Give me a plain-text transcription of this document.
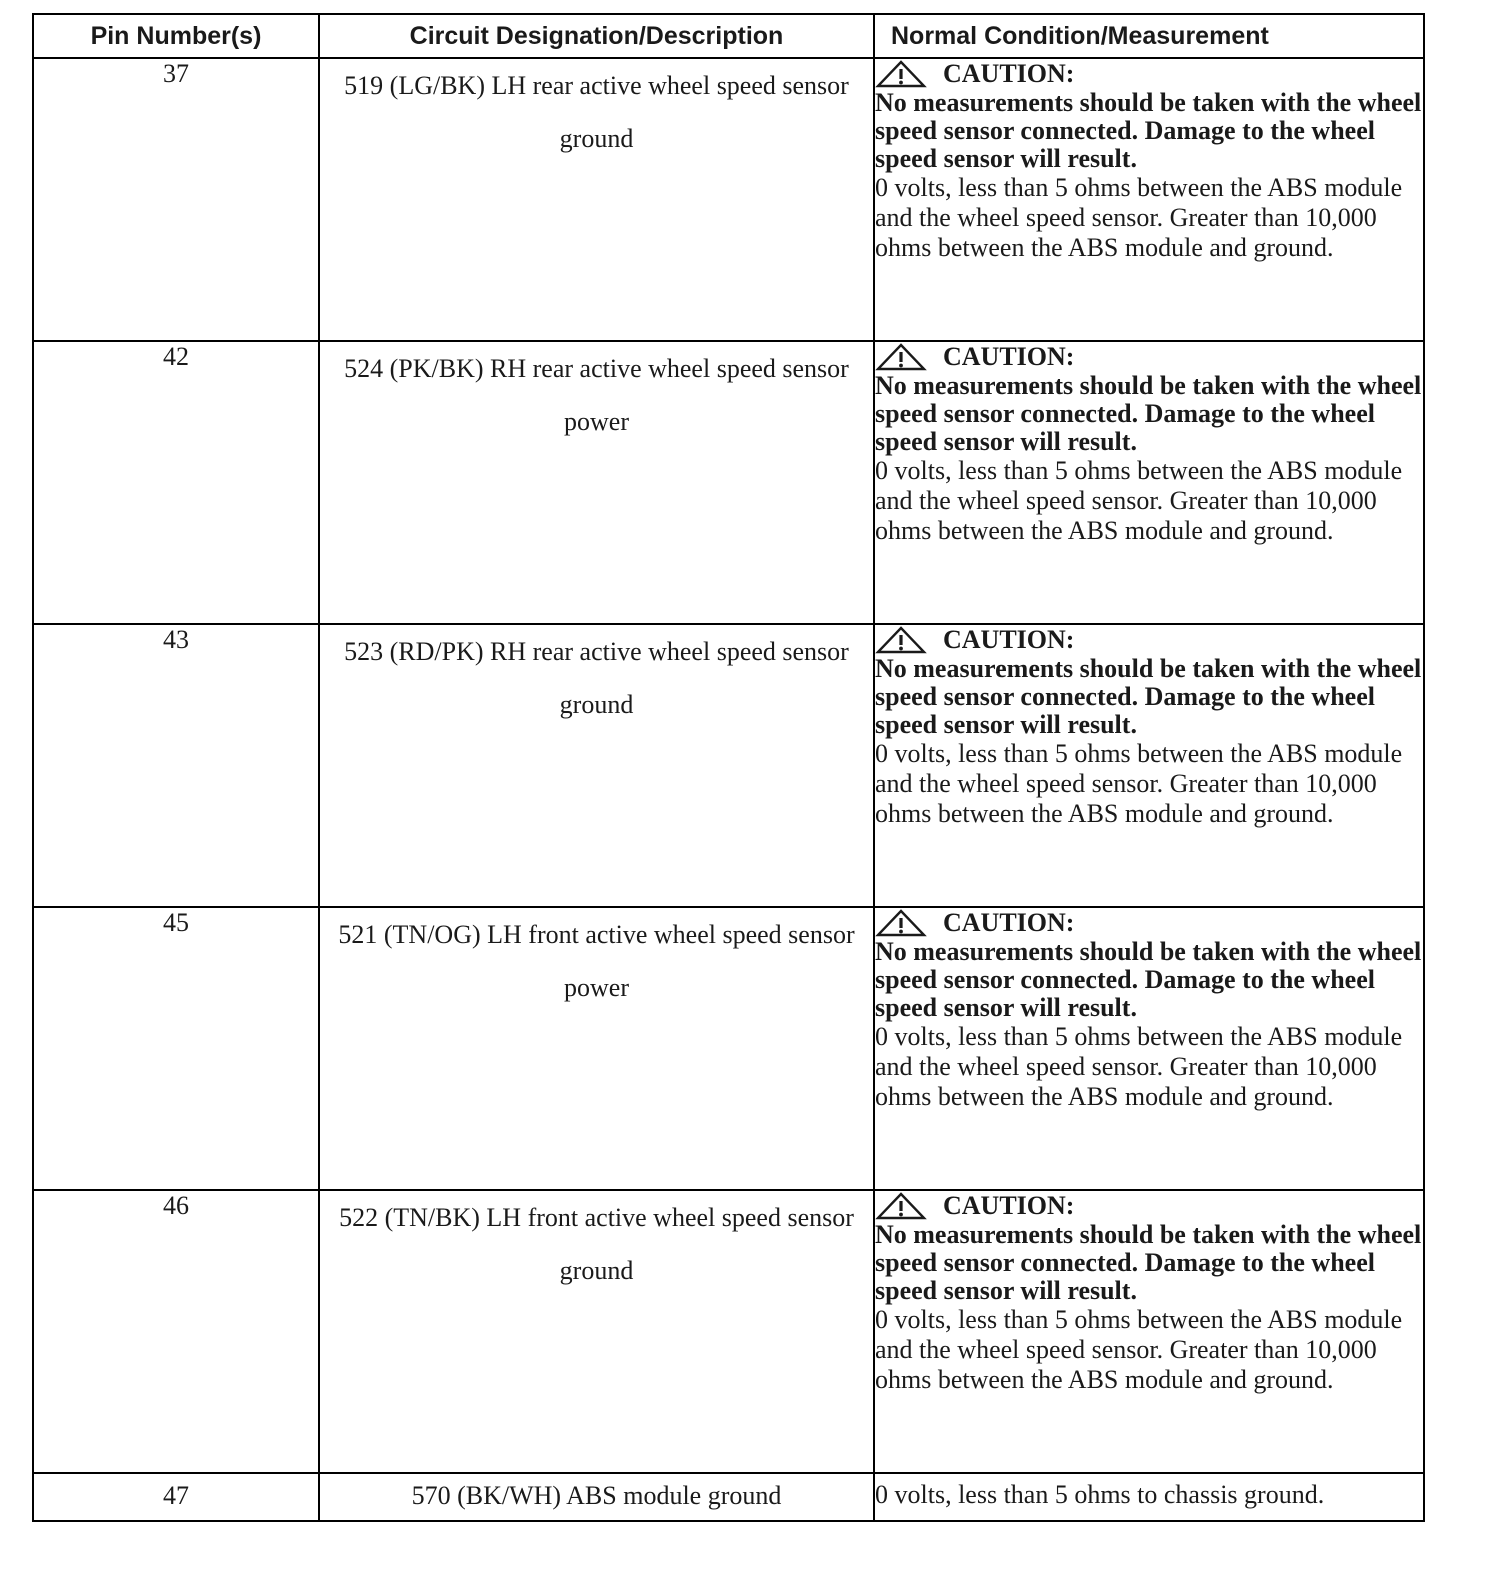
Pin Number(s)	Circuit Designation/Description	Normal Condition/Measurement
37	519 (LG/BK) LH rear active wheel speed sensor ground	CAUTION:
No measurements should be taken with the wheel speed sensor connected. Damage to the wheel speed sensor will result.
0 volts, less than 5 ohms between the ABS module and the wheel speed sensor. Greater than 10,000 ohms between the ABS module and ground.

42	524 (PK/BK) RH rear active wheel speed sensor power	CAUTION:
No measurements should be taken with the wheel speed sensor connected. Damage to the wheel speed sensor will result.
0 volts, less than 5 ohms between the ABS module and the wheel speed sensor. Greater than 10,000 ohms between the ABS module and ground.

43	523 (RD/PK) RH rear active wheel speed sensor ground	CAUTION:
No measurements should be taken with the wheel speed sensor connected. Damage to the wheel speed sensor will result.
0 volts, less than 5 ohms between the ABS module and the wheel speed sensor. Greater than 10,000 ohms between the ABS module and ground.

45	521 (TN/OG) LH front active wheel speed sensor power	CAUTION:
No measurements should be taken with the wheel speed sensor connected. Damage to the wheel speed sensor will result.
0 volts, less than 5 ohms between the ABS module and the wheel speed sensor. Greater than 10,000 ohms between the ABS module and ground.

46	522 (TN/BK) LH front active wheel speed sensor ground	CAUTION:
No measurements should be taken with the wheel speed sensor connected. Damage to the wheel speed sensor will result.
0 volts, less than 5 ohms between the ABS module and the wheel speed sensor. Greater than 10,000 ohms between the ABS module and ground.

47	570 (BK/WH) ABS module ground	0 volts, less than 5 ohms to chassis ground.
